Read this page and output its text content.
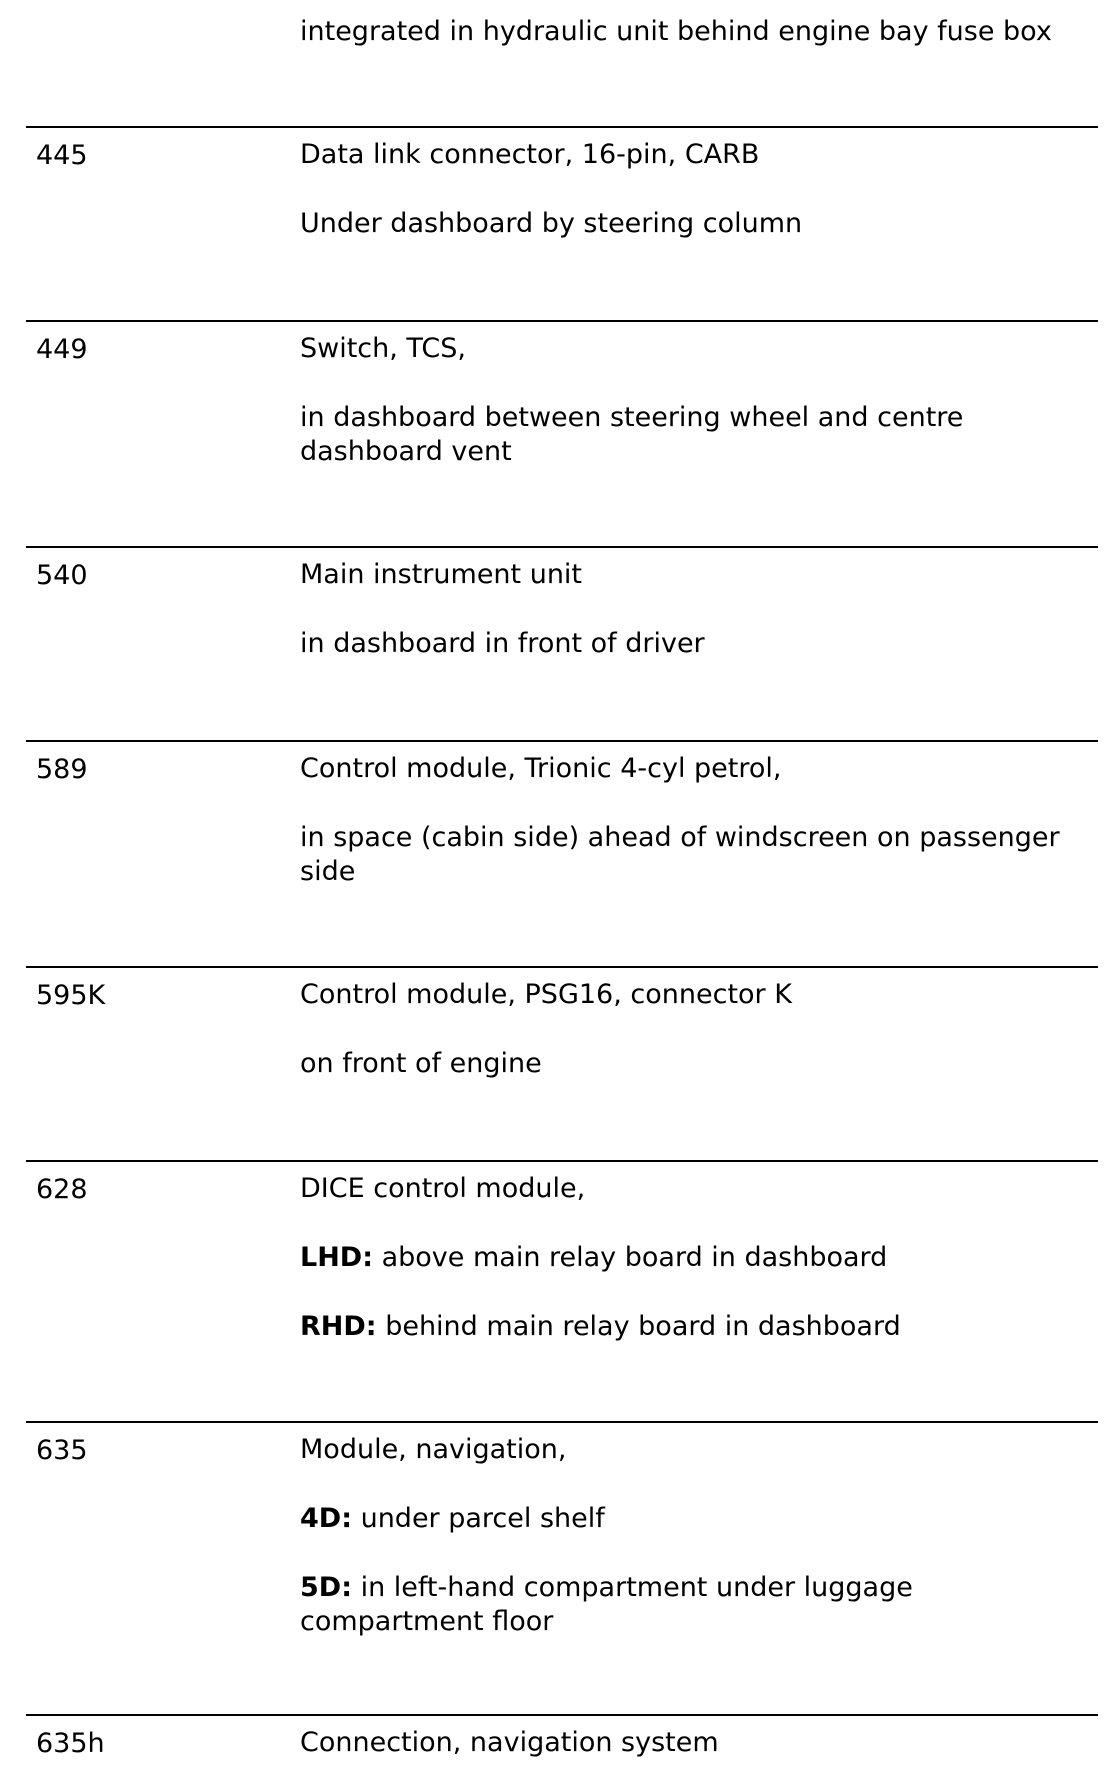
integrated in hydraulic unit behind engine bay fuse box

445	Data link connector, 16-pin, CARB

Under dashboard by steering column

449	Switch, TCS,

in dashboard between steering wheel and centre dashboard vent

540	Main instrument unit

in dashboard in front of driver

589	Control module, Trionic 4-cyl petrol,

in space (cabin side) ahead of windscreen on passenger side

595K	Control module, PSG16, connector K

on front of engine

628	DICE control module,

LHD: above main relay board in dashboard

RHD: behind main relay board in dashboard

635	Module, navigation,

4D: under parcel shelf

5D: in left-hand compartment under luggage compartment floor

635h	Connection, navigation system
